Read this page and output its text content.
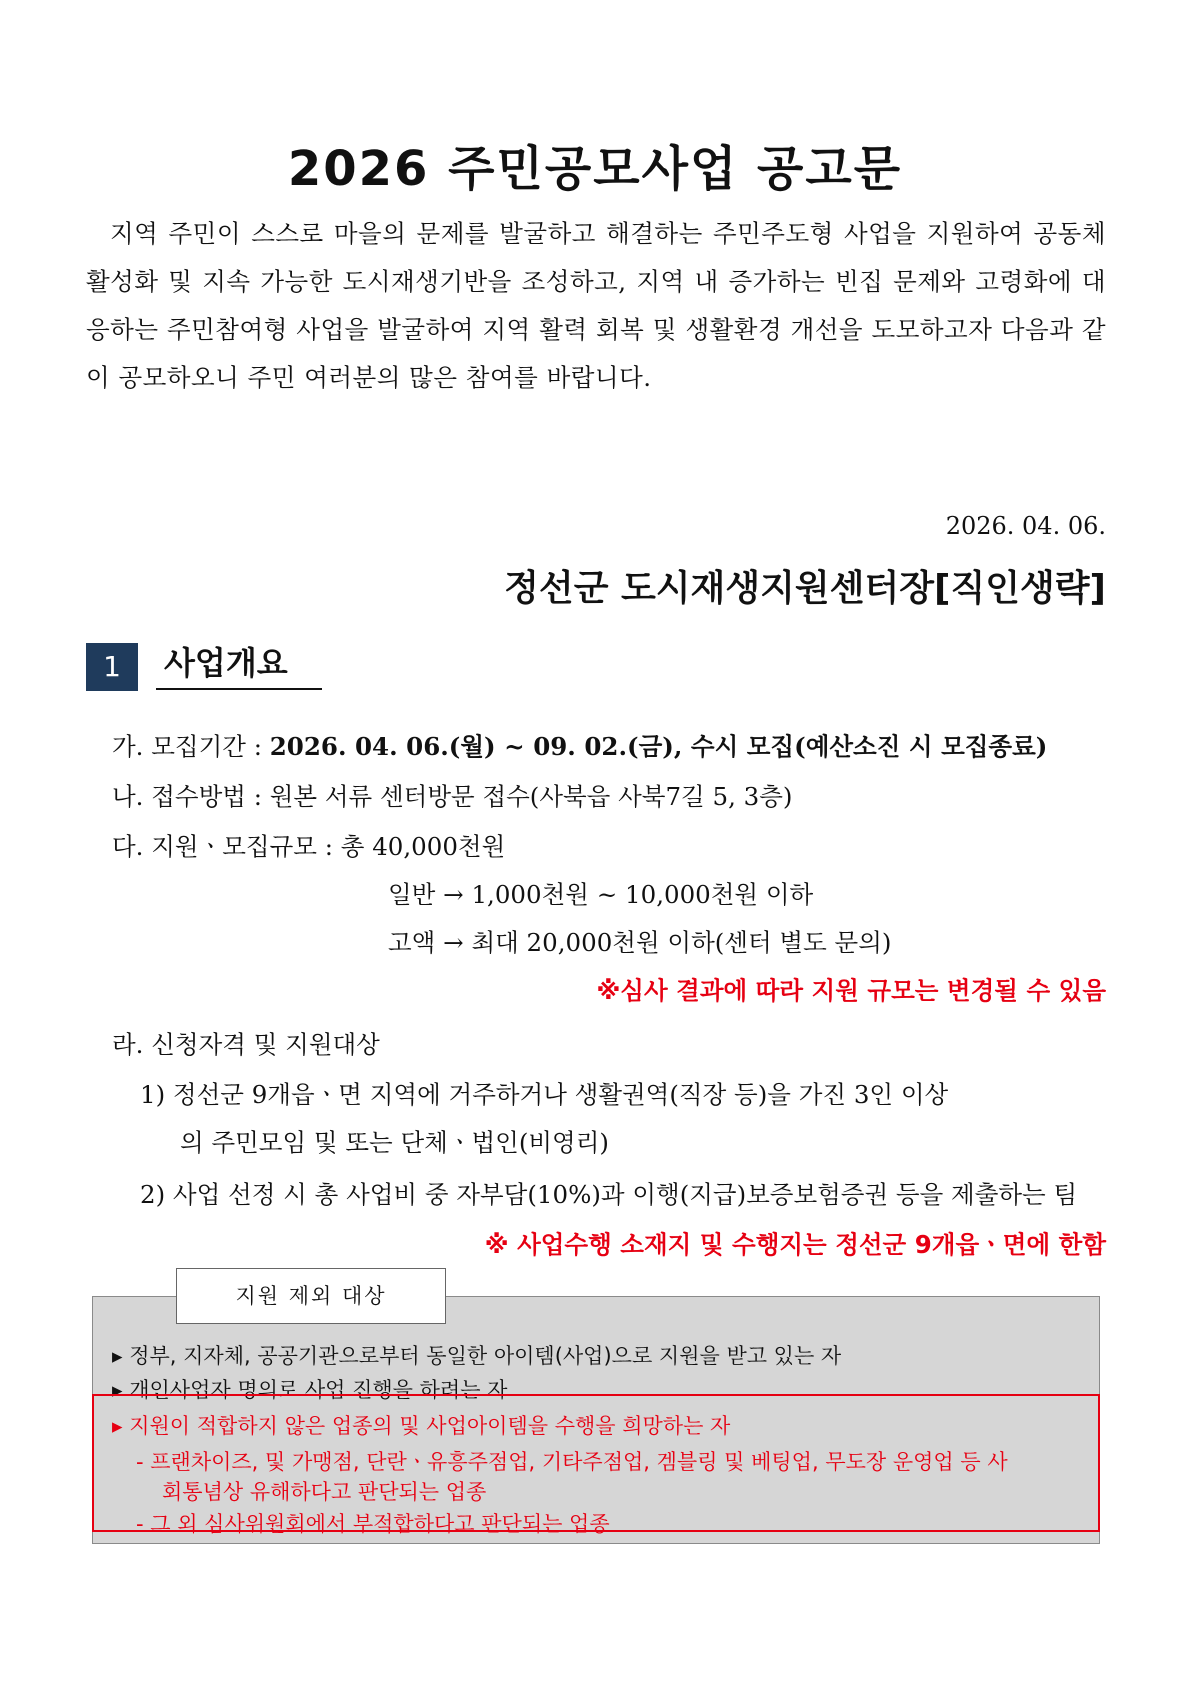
2026 주민공모사업 공고문
지역 주민이 스스로 마을의 문제를 발굴하고 해결하는 주민주도형 사업을 지원하여 공동체 활성화 및 지속 가능한 도시재생기반을 조성하고, 지역 내 증가하는 빈집 문제와 고령화에 대응하는 주민참여형 사업을 발굴하여 지역 활력 회복 및 생활환경 개선을 도모하고자 다음과 같이 공모하오니 주민 여러분의 많은 참여를 바랍니다.
2026. 04. 06.
정선군 도시재생지원센터장[직인생략]
1	사업개요
가. 모집기간 : 2026. 04. 06.(월) ~ 09. 02.(금), 수시 모집(예산소진 시 모집종료)
나. 접수방법 : 원본 서류 센터방문 접수(사북읍 사북7길 5, 3층)
다. 지원ㆍ모집규모 : 총 40,000천원
일반 → 1,000천원 ~ 10,000천원 이하
고액 → 최대 20,000천원 이하(센터 별도 문의)
※심사 결과에 따라 지원 규모는 변경될 수 있음
라. 신청자격 및 지원대상
1) 정선군 9개읍ㆍ면 지역에 거주하거나 생활권역(직장 등)을 가진 3인 이상
의 주민모임 및 또는 단체ㆍ법인(비영리)
2) 사업 선정 시 총 사업비 중 자부담(10%)과 이행(지급)보증보험증권 등을 제출하는 팀
※ 사업수행 소재지 및 수행지는 정선군 9개읍ㆍ면에 한함
지원 제외 대상
▸ 정부, 지자체, 공공기관으로부터 동일한 아이템(사업)으로 지원을 받고 있는 자
▸ 개인사업자 명의로 사업 진행을 하려는 자
▸ 지원이 적합하지 않은 업종의 및 사업아이템을 수행을 희망하는 자
- 프랜차이즈, 및 가맹점, 단란ㆍ유흥주점업, 기타주점업, 겜블링 및 베팅업, 무도장 운영업 등 사
회통념상 유해하다고 판단되는 업종
- 그 외 심사위원회에서 부적합하다고 판단되는 업종
